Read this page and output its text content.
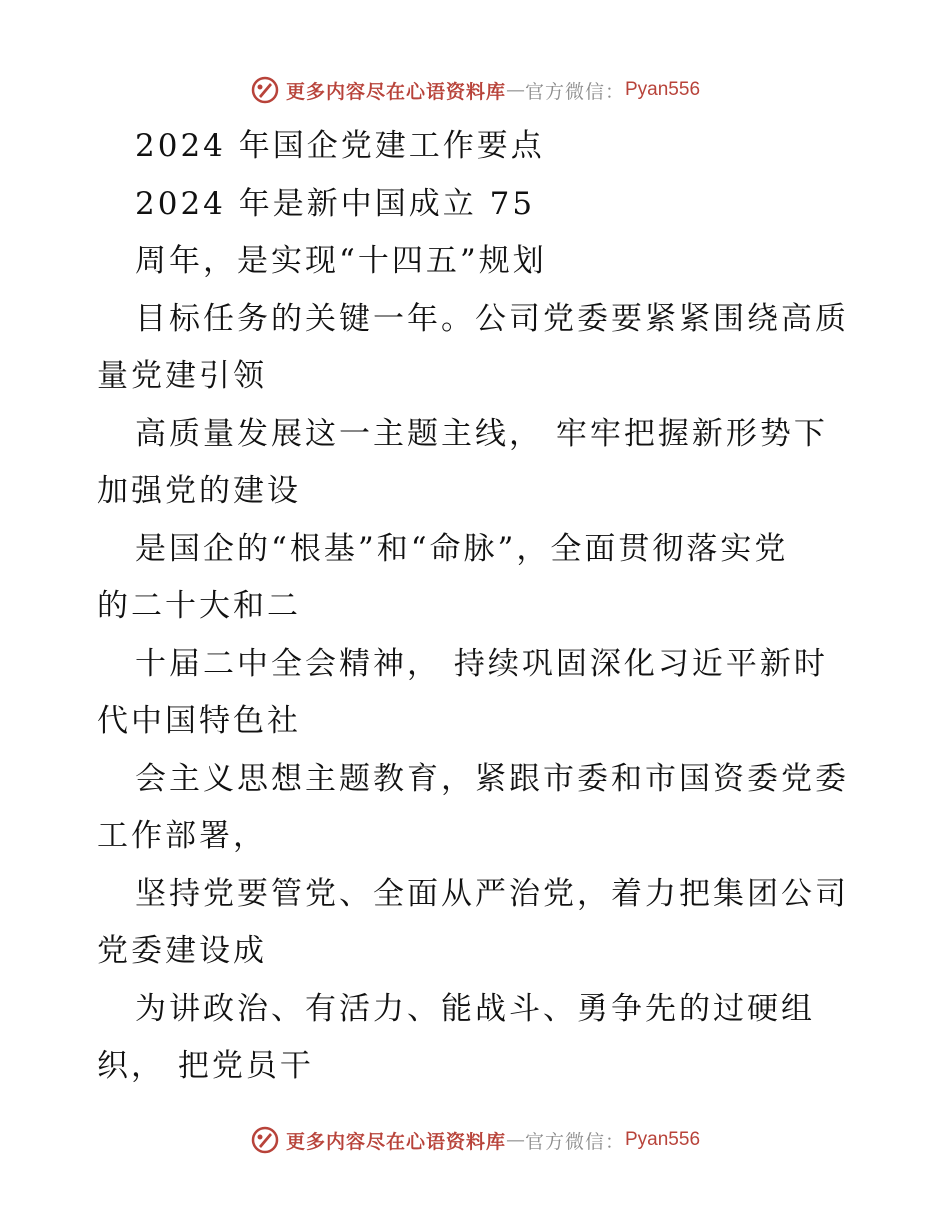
更多内容尽在心语资料库 — 官方微信： Pyan556
2024 年国企党建工作要点
2024 年是新中国成立 75
周年，是实现“十四五”规划
目标任务的关键一年。公司党委要紧紧围绕高质
量党建引领
高质量发展这一主题主线， 牢牢把握新形势下
加强党的建设
是国企的“根基”和“命脉”，全面贯彻落实党
的二十大和二
十届二中全会精神， 持续巩固深化习近平新时
代中国特色社
会主义思想主题教育，紧跟市委和市国资委党委
工作部署，
坚持党要管党、全面从严治党，着力把集团公司
党委建设成
为讲政治、有活力、能战斗、勇争先的过硬组
织， 把党员干
更多内容尽在心语资料库 — 官方微信： Pyan556
